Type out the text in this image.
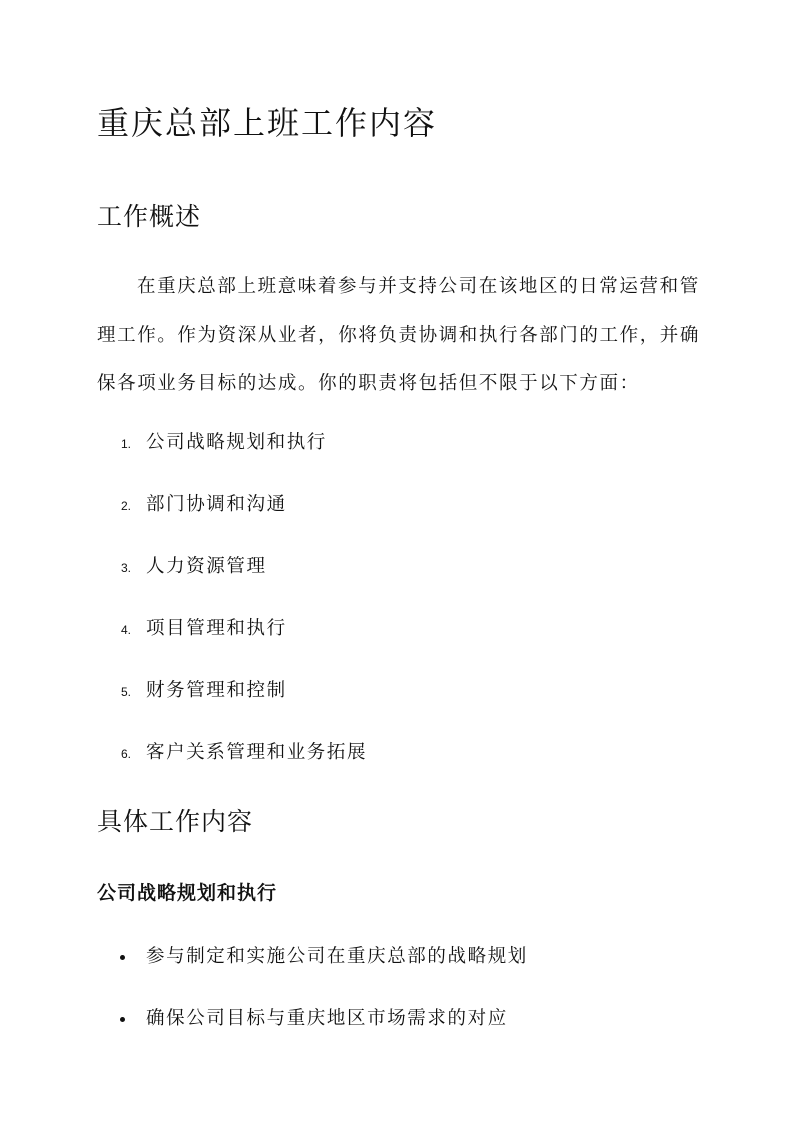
重庆总部上班工作内容
工作概述

在重庆总部上班意味着参与并支持公司在该地区的日常运营和管理工作。作为资深从业者，你将负责协调和执行各部门的工作，并确保各项业务目标的达成。你的职责将包括但不限于以下方面：

1. 公司战略规划和执行
2. 部门协调和沟通
3. 人力资源管理
4. 项目管理和执行
5. 财务管理和控制
6. 客户关系管理和业务拓展
具体工作内容
公司战略规划和执行
参与制定和实施公司在重庆总部的战略规划
确保公司目标与重庆地区市场需求的对应
